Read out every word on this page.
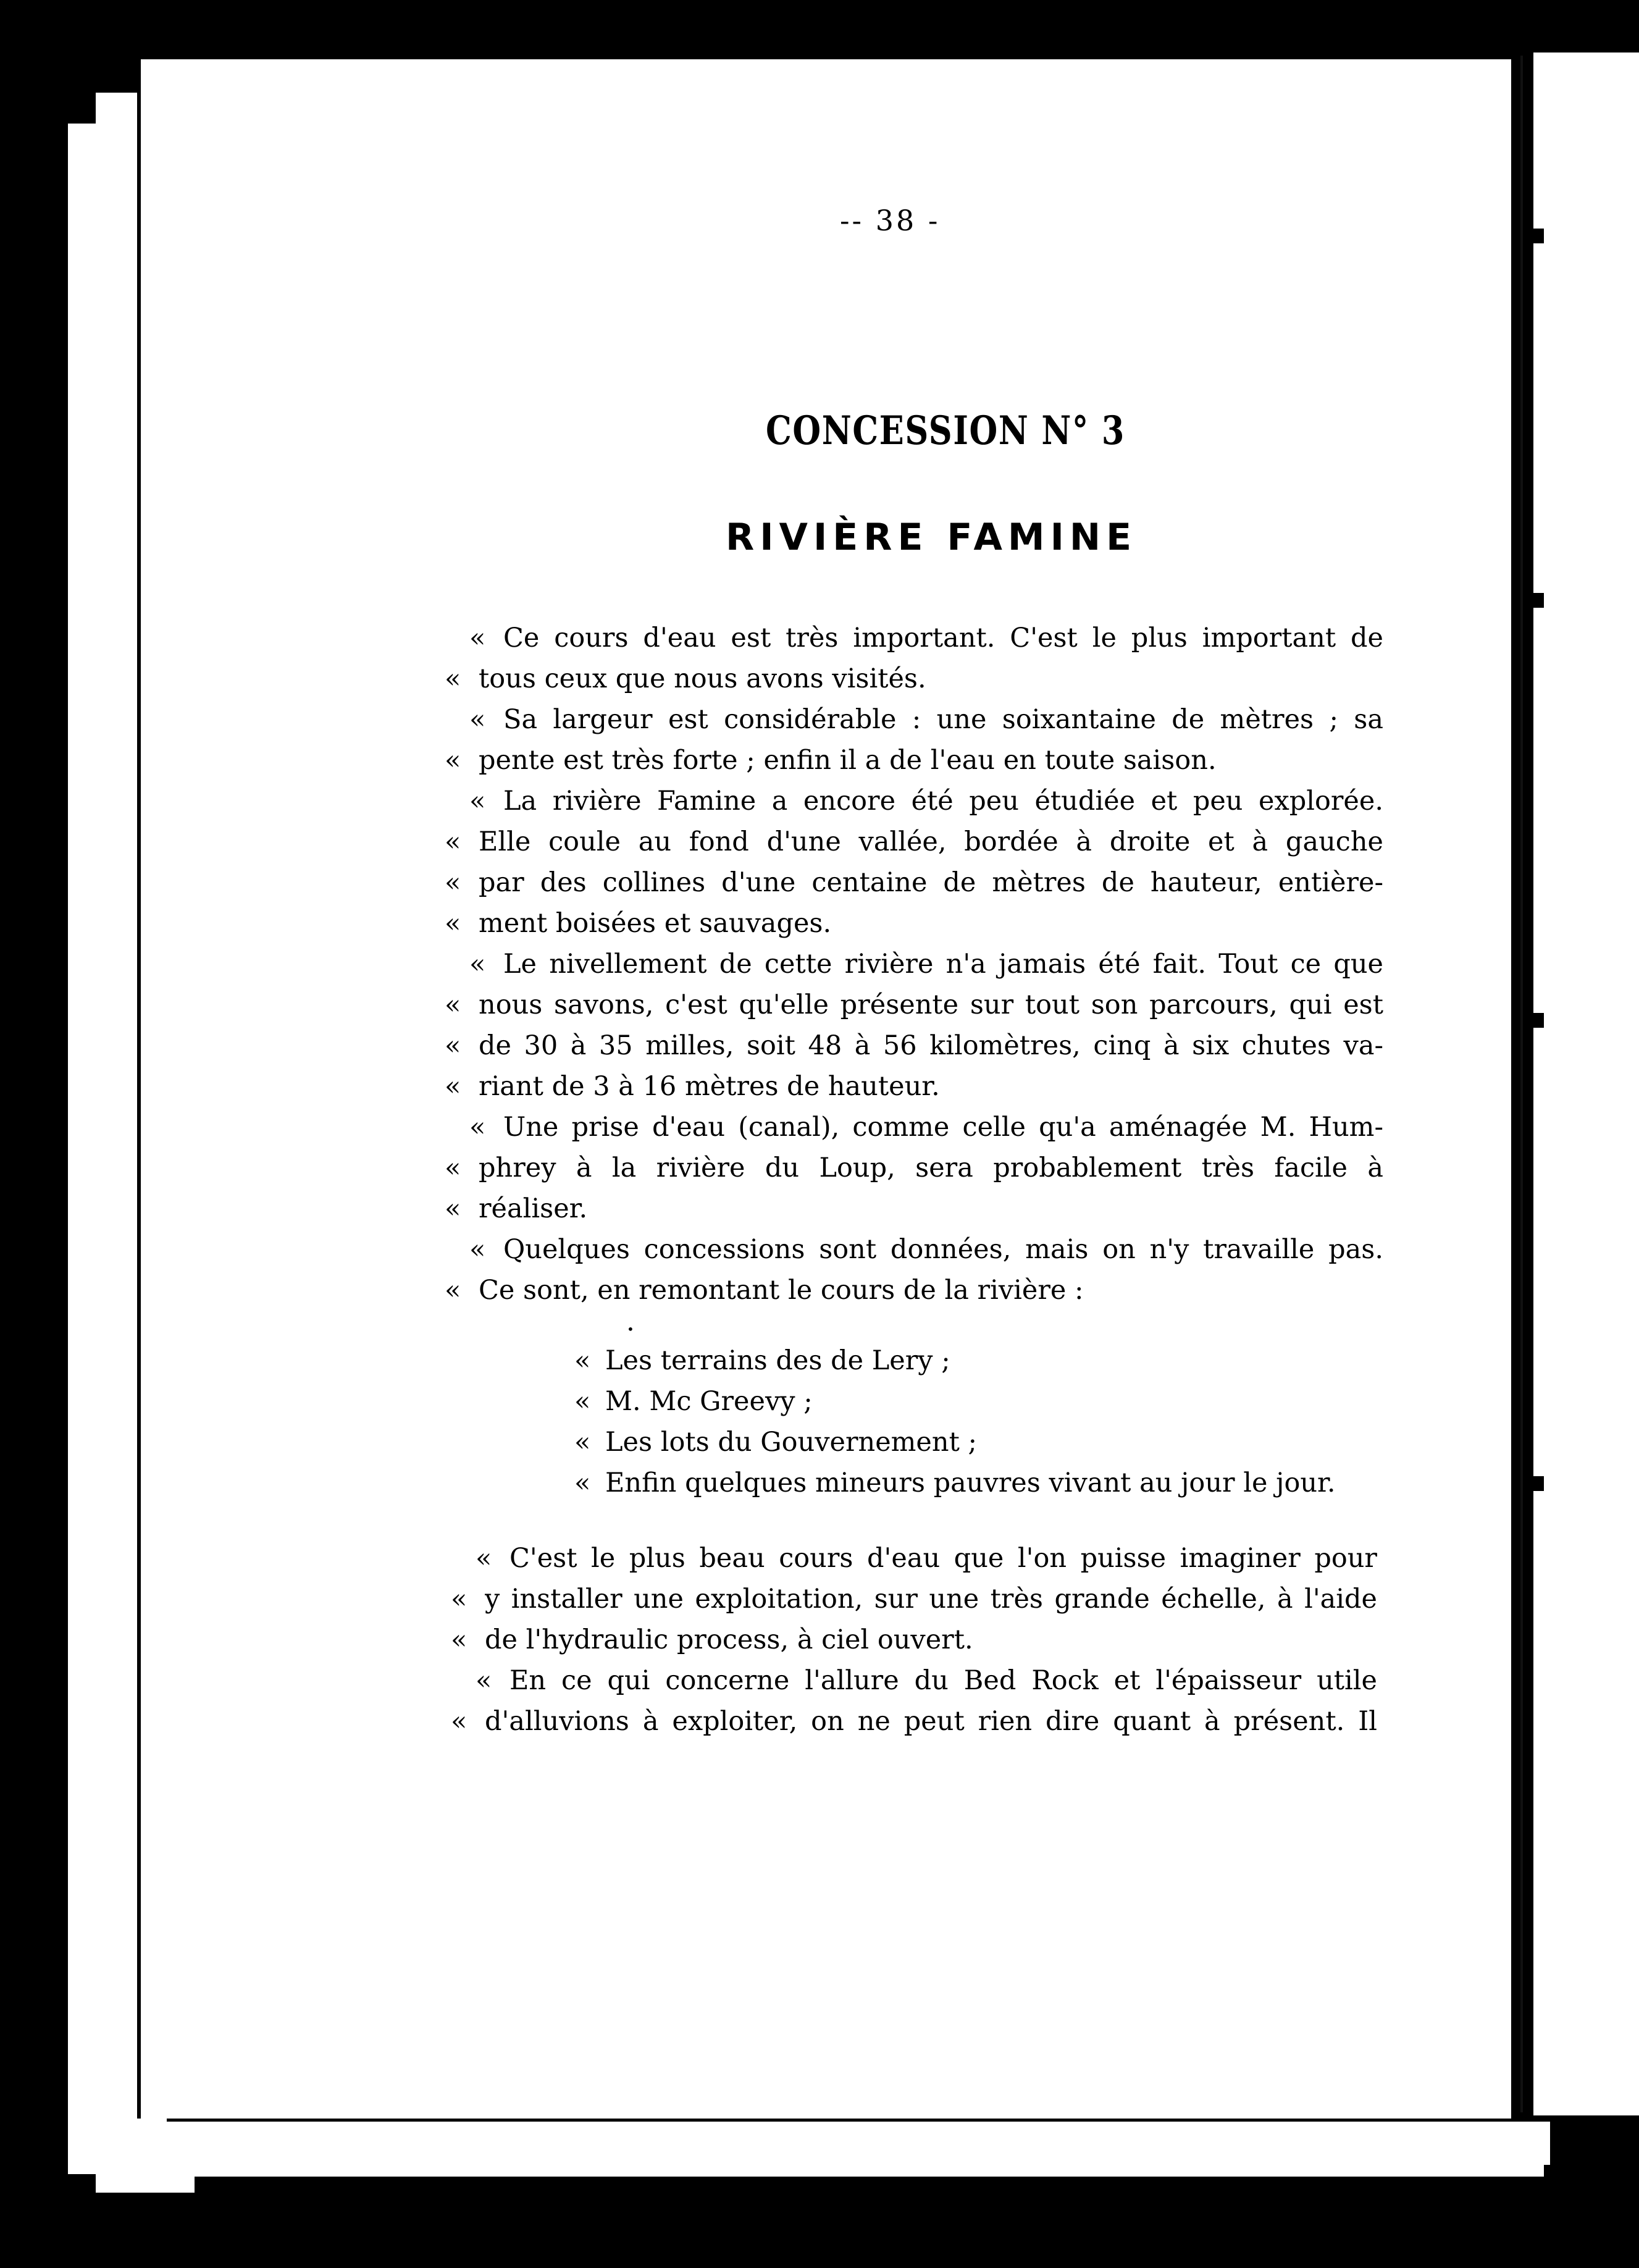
· ˏ ✗
-- 38 -
CONCESSION N° 3
RIVIÈRE FAMINE
« Ce cours d'eau est très important. C'est le plus important de
« tous ceux que nous avons visités.
« Sa largeur est considérable : une soixantaine de mètres ; sa
« pente est très forte ; enfin il a de l'eau en toute saison.
« La rivière Famine a encore été peu étudiée et peu explorée.
« Elle coule au fond d'une vallée, bordée à droite et à gauche
« par des collines d'une centaine de mètres de hauteur, entière-
« ment boisées et sauvages.
« Le nivellement de cette rivière n'a jamais été fait. Tout ce que
« nous savons, c'est qu'elle présente sur tout son parcours, qui est
« de 30 à 35 milles, soit 48 à 56 kilomètres, cinq à six chutes va-
« riant de 3 à 16 mètres de hauteur.
« Une prise d'eau (canal), comme celle qu'a aménagée M. Hum-
« phrey à la rivière du Loup, sera probablement très facile à
« réaliser.
« Quelques concessions sont données, mais on n'y travaille pas.
« Ce sont, en remontant le cours de la rivière :
•
« Les terrains des de Lery ;
« M. Mc Greevy ;
« Les lots du Gouvernement ;
« Enfin quelques mineurs pauvres vivant au jour le jour.
« C'est le plus beau cours d'eau que l'on puisse imaginer pour
« y installer une exploitation, sur une très grande échelle, à l'aide
« de l'hydraulic process, à ciel ouvert.
« En ce qui concerne l'allure du Bed Rock et l'épaisseur utile
« d'alluvions à exploiter, on ne peut rien dire quant à présent. Il
